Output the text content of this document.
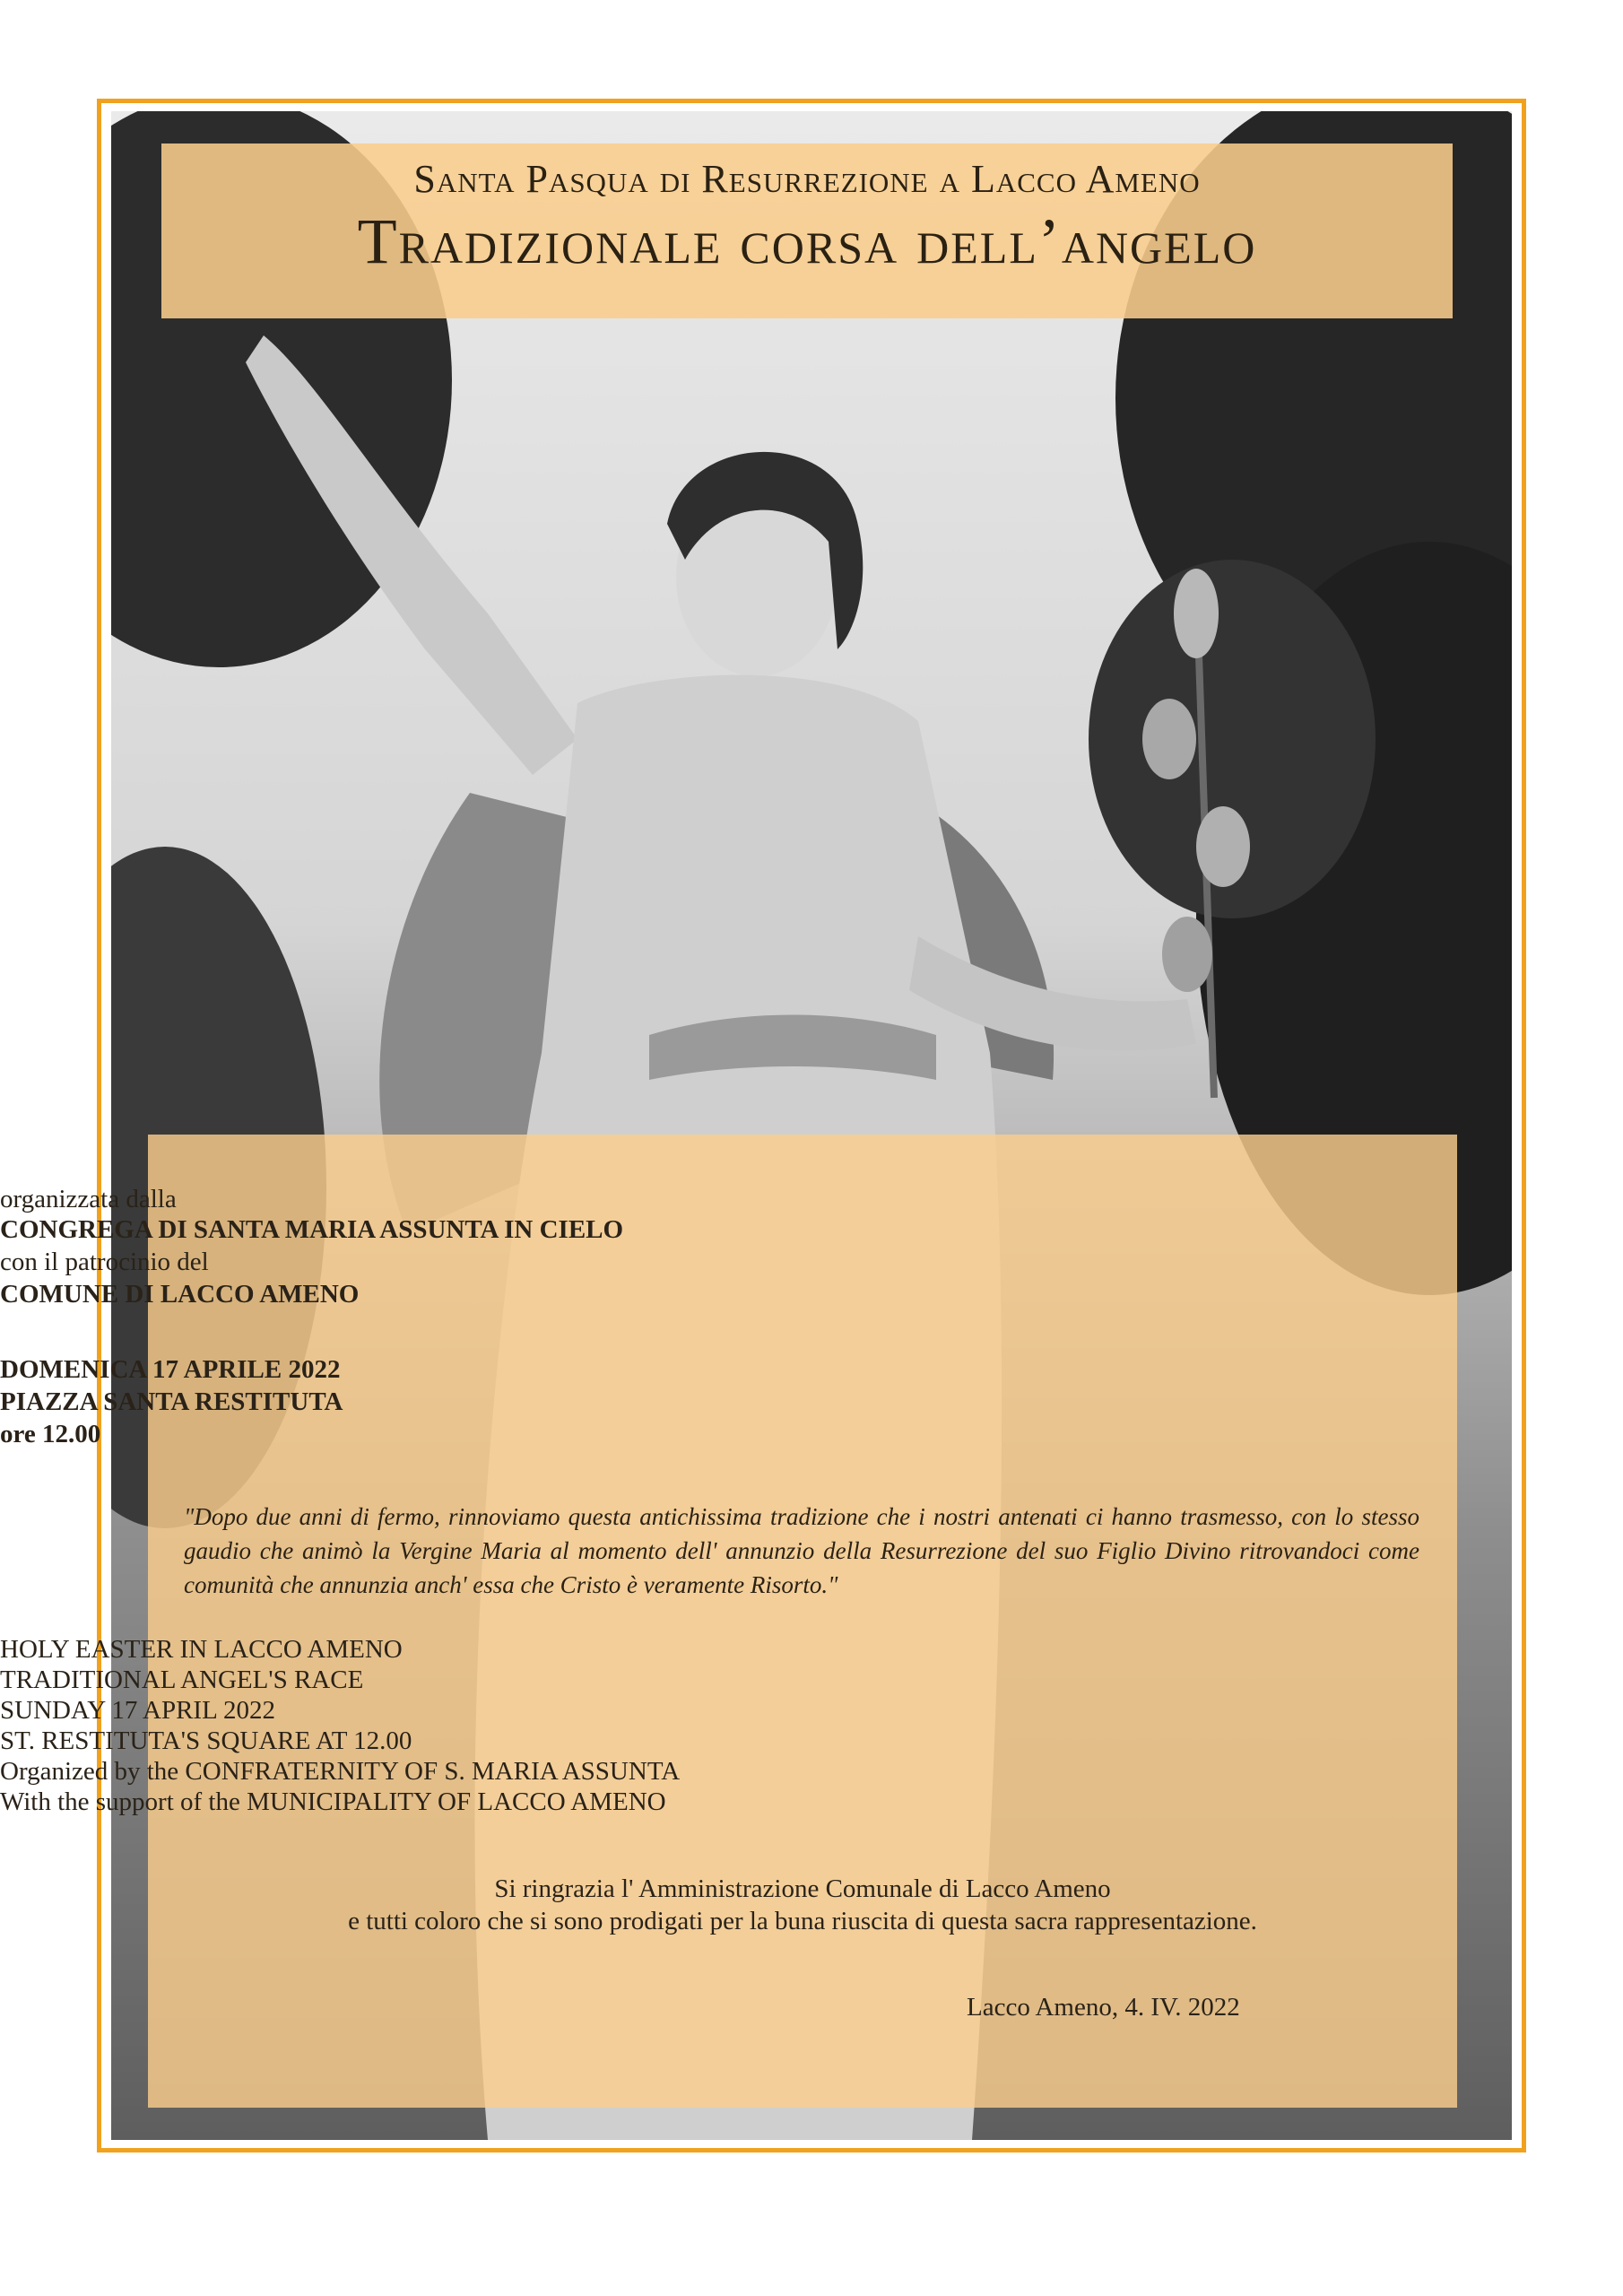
Santa Pasqua di Resurrezione a Lacco Ameno
Tradizionale corsa dell’angelo
organizzata dalla
CONGREGA DI SANTA MARIA ASSUNTA IN CIELO
con il patrocinio del
COMUNE DI LACCO AMENO
DOMENICA 17 APRILE 2022
PIAZZA SANTA RESTITUTA
ore 12.00
"Dopo due anni di fermo, rinnoviamo questa antichissima tradizione che i nostri antenati ci hanno trasmesso, con lo stesso gaudio che animò la Vergine Maria al momento dell' annunzio della Resurrezione del suo Figlio Divino ritrovandoci come comunità che annunzia anch' essa che Cristo è veramente Risorto."
HOLY EASTER IN LACCO AMENO
TRADITIONAL ANGEL'S RACE
SUNDAY 17 APRIL 2022
ST. RESTITUTA'S SQUARE AT 12.00
Organized by the CONFRATERNITY OF S. MARIA ASSUNTA
With the support of the MUNICIPALITY OF LACCO AMENO
Si ringrazia l' Amministrazione Comunale di Lacco Ameno
e tutti coloro che si sono prodigati per la buna riuscita di questa sacra rappresentazione.
Lacco Ameno, 4. IV. 2022
